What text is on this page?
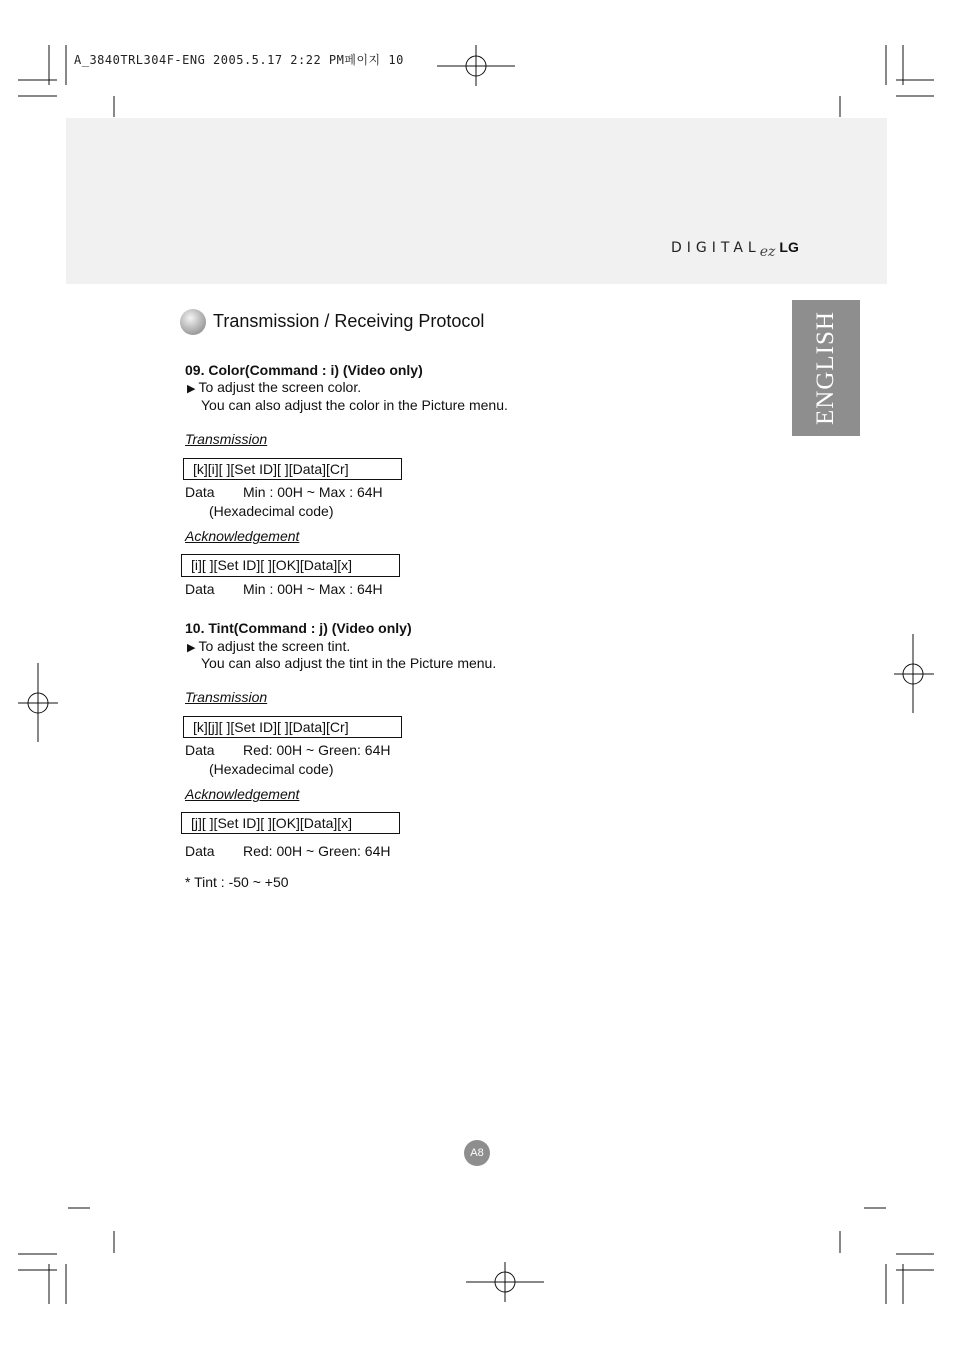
A_3840TRL304F-ENG 2005.5.17 2:22 PM페이지 10
DIGITAL ez LG
ENGLISH
Transmission / Receiving Protocol
09. Color(Command : i) (Video only)
▶ To adjust the screen color.
You can also adjust the color in the Picture menu.
Transmission
[k][i][ ][Set ID][ ][Data][Cr]
Data Min : 00H ~ Max : 64H
(Hexadecimal code)
Acknowledgement
[i][ ][Set ID][ ][OK][Data][x]
Data Min : 00H ~ Max : 64H
10. Tint(Command : j) (Video only)
▶ To adjust the screen tint.
You can also adjust the tint in the Picture menu.
Transmission
[k][j][ ][Set ID][ ][Data][Cr]
Data Red: 00H ~ Green: 64H
(Hexadecimal code)
Acknowledgement
[j][ ][Set ID][ ][OK][Data][x]
Data Red: 00H ~ Green: 64H
* Tint : -50 ~ +50
A8
